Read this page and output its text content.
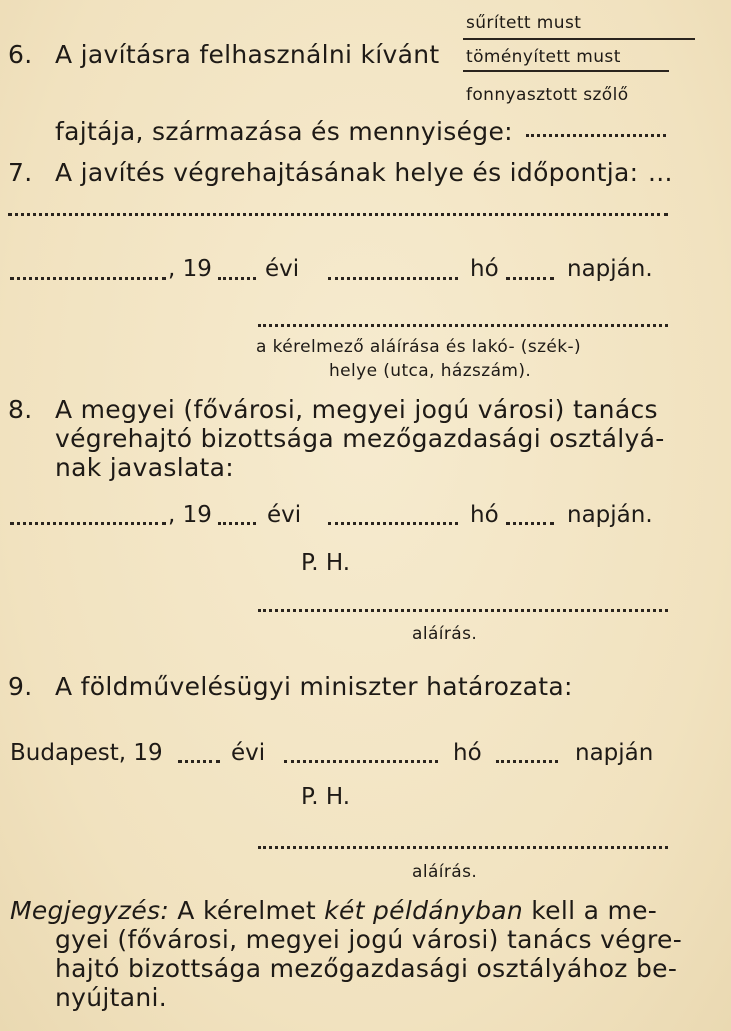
sűrített must
6. A javításra felhasználni kívánt töményített must
fonnyasztott szőlő
fajtája, származása és mennyisége:
7. A javítés végrehajtásának helye és időpontja: ...
, 19 évi	hó	napján.
a kérelmező aláírása és lakó- (szék-)
helye (utca, házszám).
8. A megyei (fővárosi, megyei jogú városi) tanács
végrehajtó bizottsága mezőgazdasági osztályá-
nak javaslata:
, 19 évi	hó	napján.
P. H.
aláírás.
9. A földművelésügyi miniszter határozata:
Budapest, 19	évi	hó	napján
P. H.
aláírás.
Megjegyzés: A kérelmet két példányban kell a me-
gyei (fővárosi, megyei jogú városi) tanács végre-
hajtó bizottsága mezőgazdasági osztályához be-
nyújtani.
